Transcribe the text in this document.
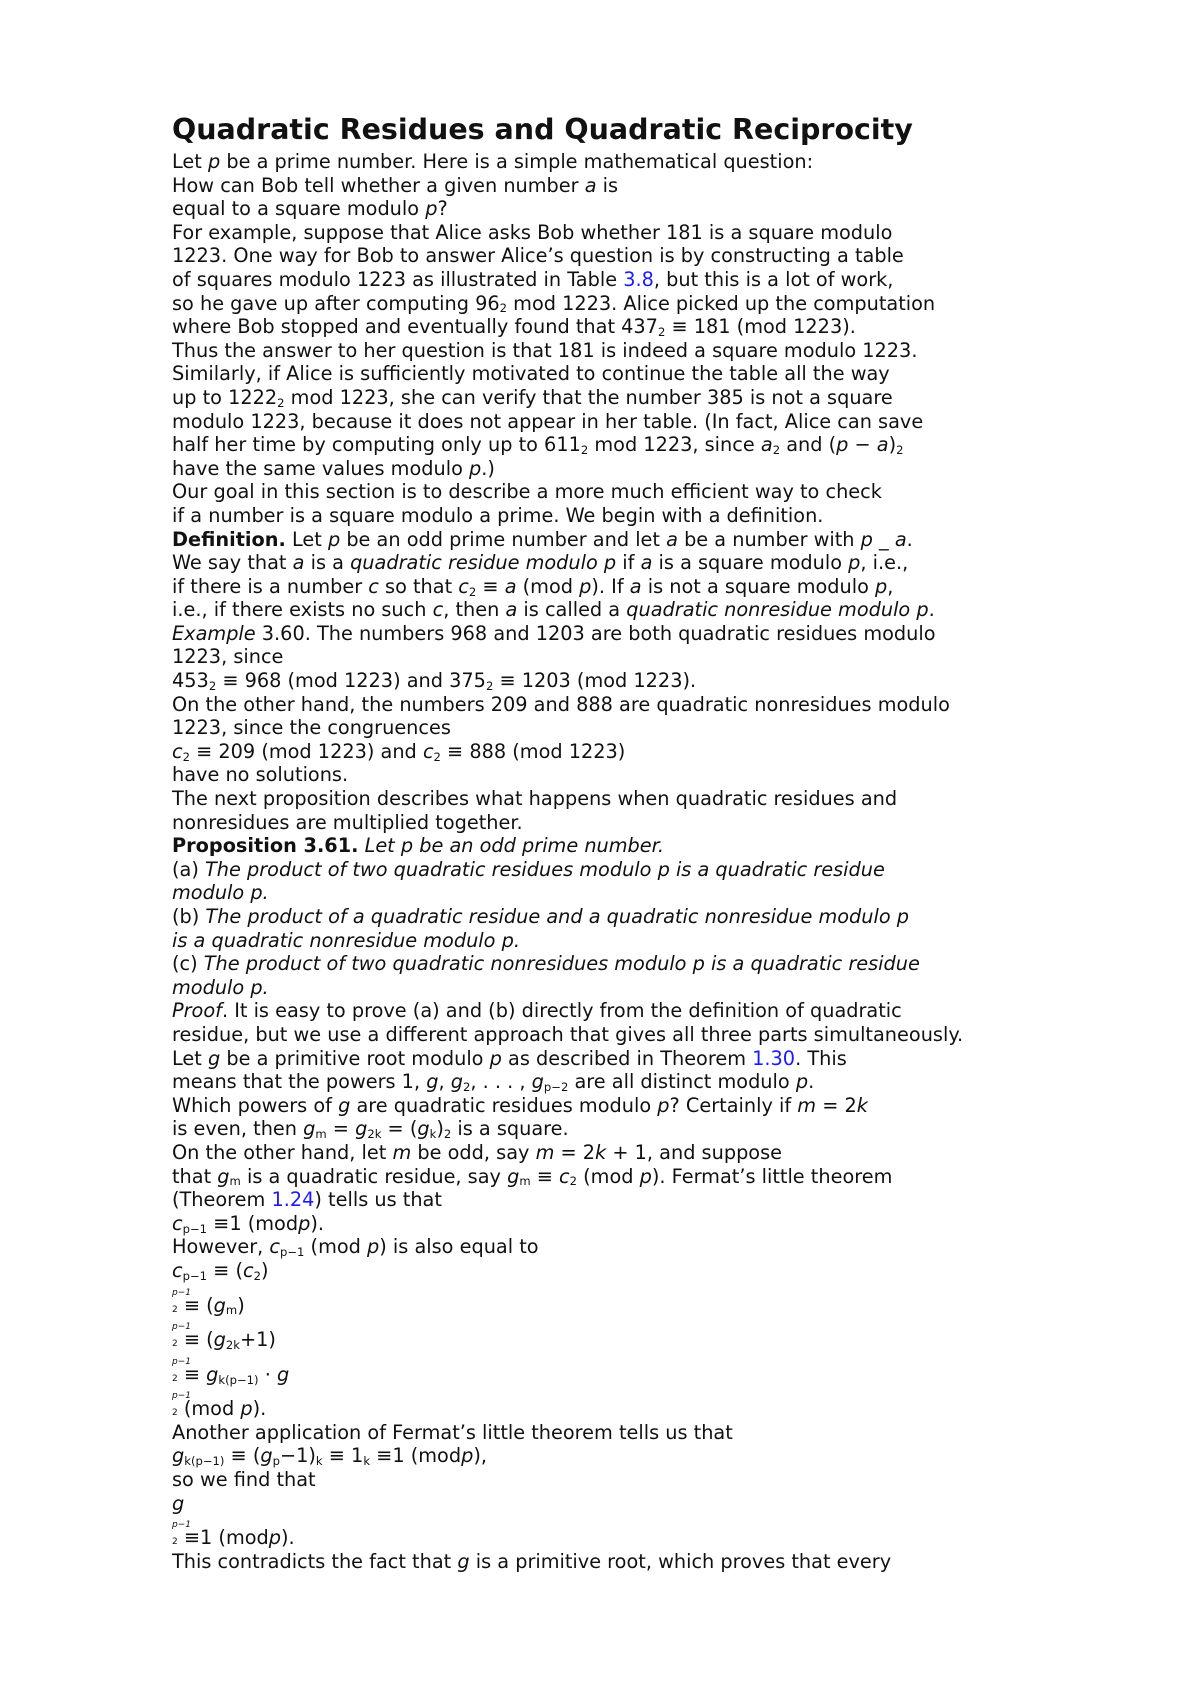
Quadratic Residues and Quadratic Reciprocity
Let p be a prime number. Here is a simple mathematical question:
How can Bob tell whether a given number a is
equal to a square modulo p?
For example, suppose that Alice asks Bob whether 181 is a square modulo
1223. One way for Bob to answer Alice’s question is by constructing a table
of squares modulo 1223 as illustrated in Table 3.8, but this is a lot of work,
so he gave up after computing $96_2$ mod 1223. Alice picked up the computation
where Bob stopped and eventually found that $437_2 \equiv 181$ (mod 1223).
Thus the answer to her question is that 181 is indeed a square modulo 1223.
Similarly, if Alice is sufficiently motivated to continue the table all the way
up to $1222_2$ mod 1223, she can verify that the number 385 is not a square
modulo 1223, because it does not appear in her table. (In fact, Alice can save
half her time by computing only up to $611_2$ mod 1223, since $a_2$ and $(p - a)_2$
have the same values modulo p.)
Our goal in this section is to describe a more much efficient way to check
if a number is a square modulo a prime. We begin with a definition.
Definition. Let p be an odd prime number and let a be a number with p _ a.
We say that a is a quadratic residue modulo p if a is a square modulo p, i.e.,
if there is a number c so that $c_2 \equiv a$ (mod p). If a is not a square modulo p,
i.e., if there exists no such c, then a is called a quadratic nonresidue modulo p.
Example 3.60. The numbers 968 and 1203 are both quadratic residues modulo
1223, since
$453_2 \equiv 968$ (mod 1223) and $375_2 \equiv 1203$ (mod 1223).
On the other hand, the numbers 209 and 888 are quadratic nonresidues modulo
1223, since the congruences
$c_2 \equiv 209$ (mod 1223) and $c_2 \equiv 888$ (mod 1223)
have no solutions.
The next proposition describes what happens when quadratic residues and
nonresidues are multiplied together.
Proposition 3.61. Let p be an odd prime number.
(a) The product of two quadratic residues modulo p is a quadratic residue
modulo p.
(b) The product of a quadratic residue and a quadratic nonresidue modulo p
is a quadratic nonresidue modulo p.
(c) The product of two quadratic nonresidues modulo p is a quadratic residue
modulo p.
Proof. It is easy to prove (a) and (b) directly from the definition of quadratic
residue, but we use a different approach that gives all three parts simultaneously.
Let g be a primitive root modulo p as described in Theorem 1.30. This
means that the powers 1, g, $g_2$, . . . , $g_{p-2}$ are all distinct modulo p.
Which powers of g are quadratic residues modulo p? Certainly if m = 2k
is even, then $g_m = g_{2k} = (g_k)_2$ is a square.
On the other hand, let m be odd, say m = 2k + 1, and suppose
that $g_m$ is a quadratic residue, say $g_m \equiv c_2$ (mod p). Fermat’s little theorem
(Theorem 1.24) tells us that
$c_{p-1} \equiv 1$ (modp).
However, $c_{p-1}$ (mod p) is also equal to
$c_{p-1} \equiv (c_2)$
p−1
$2 \equiv (g_m)$
p−1
$2 \equiv (g_{2k}+1)$
p−1
$2 \equiv g_{k(p-1)} \cdot g$
p−1
2 (mod p).
Another application of Fermat’s little theorem tells us that
$g_{k(p-1)} \equiv (g_p-1)_k \equiv 1_k \equiv 1$ (modp),
so we find that
g
p−1
2 ≡1 (modp).
This contradicts the fact that g is a primitive root, which proves that every
